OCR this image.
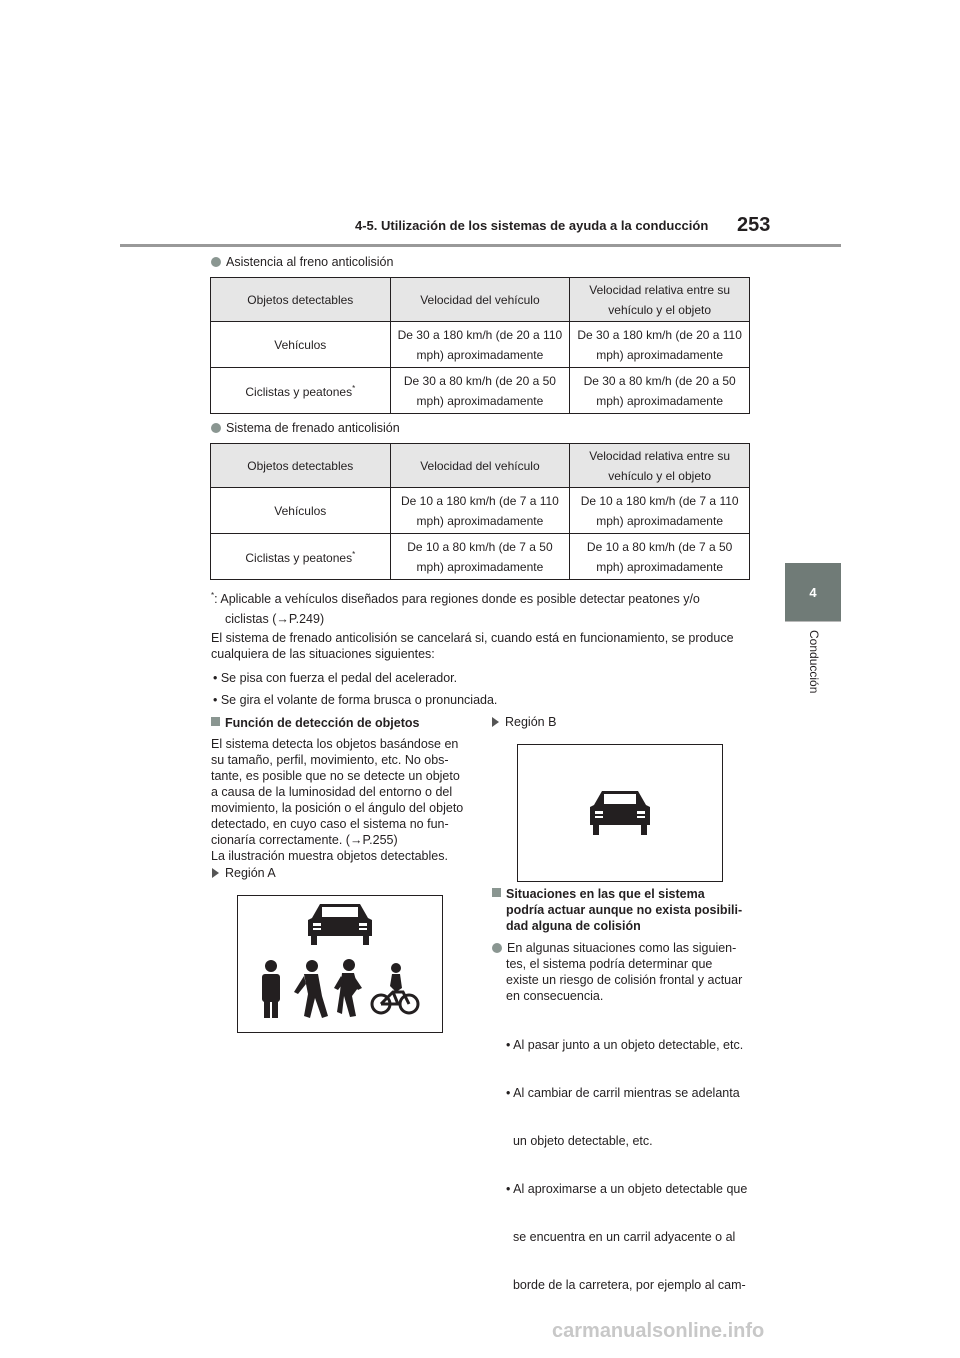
4-5. Utilización de los sistemas de ayuda a la conducción 253
4
Conducción
Asistencia al freno anticolisión
Objetos detectables	Velocidad del vehículo	Velocidad relativa entre su vehículo y el objeto
Vehículos	De 30 a 180 km/h (de 20 a 110 mph) aproximadamente	De 30 a 180 km/h (de 20 a 110 mph) aproximadamente
Ciclistas y peatones*	De 30 a 80 km/h (de 20 a 50 mph) aproximadamente	De 30 a 80 km/h (de 20 a 50 mph) aproximadamente
Sistema de frenado anticolisión
Objetos detectables	Velocidad del vehículo	Velocidad relativa entre su vehículo y el objeto
Vehículos	De 10 a 180 km/h (de 7 a 110 mph) aproximadamente	De 10 a 180 km/h (de 7 a 110 mph) aproximadamente
Ciclistas y peatones*	De 10 a 80 km/h (de 7 a 50 mph) aproximadamente	De 10 a 80 km/h (de 7 a 50 mph) aproximadamente
*: Aplicable a vehículos diseñados para regiones donde es posible detectar peatones y/o
ciclistas (→P.249)
El sistema de frenado anticolisión se cancelará si, cuando está en funcionamiento, se produce cualquiera de las situaciones siguientes:
• Se pisa con fuerza el pedal del acelerador.
• Se gira el volante de forma brusca o pronunciada.
Función de detección de objetos
El sistema detecta los objetos basándose en
su tamaño, perfil, movimiento, etc. No obs-
tante, es posible que no se detecte un objeto
a causa de la luminosidad del entorno o del
movimiento, la posición o el ángulo del objeto
detectado, en cuyo caso el sistema no fun-
cionaría correctamente. (→P.255)
La ilustración muestra objetos detectables.
Región A
Región B
Situaciones en las que el sistema
podría actuar aunque no exista posibili-
dad alguna de colisión
En algunas situaciones como las siguien-
tes, el sistema podría determinar que
existe un riesgo de colisión frontal y actuar
en consecuencia.

• Al pasar junto a un objeto detectable, etc.

• Al cambiar de carril mientras se adelanta

un objeto detectable, etc.

• Al aproximarse a un objeto detectable que

se encuentra en un carril adyacente o al

borde de la carretera, por ejemplo al cam-

carmanualsonline.info
